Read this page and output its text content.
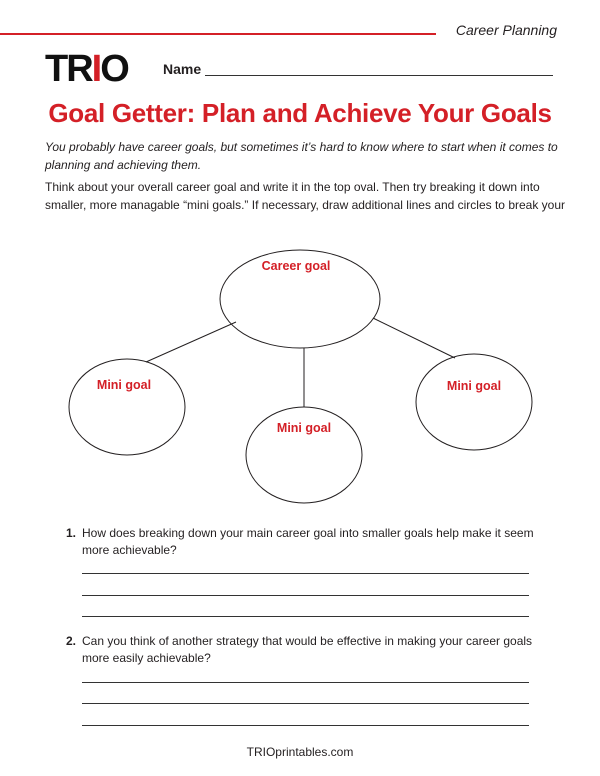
Career Planning
TRIO	Name
Goal Getter: Plan and Achieve Your Goals
You probably have career goals, but sometimes it’s hard to know where to start when it comes to planning and achieving them.
Think about your overall career goal and write it in the top oval. Then try breaking it down into smaller, more managable “mini goals.” If necessary, draw additional lines and circles to break your
Career goal
Mini goal
Mini goal
Mini goal
1. How does breaking down your main career goal into smaller goals help make it seem more achievable?
2. Can you think of another strategy that would be effective in making your career goals more easily achievable?
TRIOprintables.com
